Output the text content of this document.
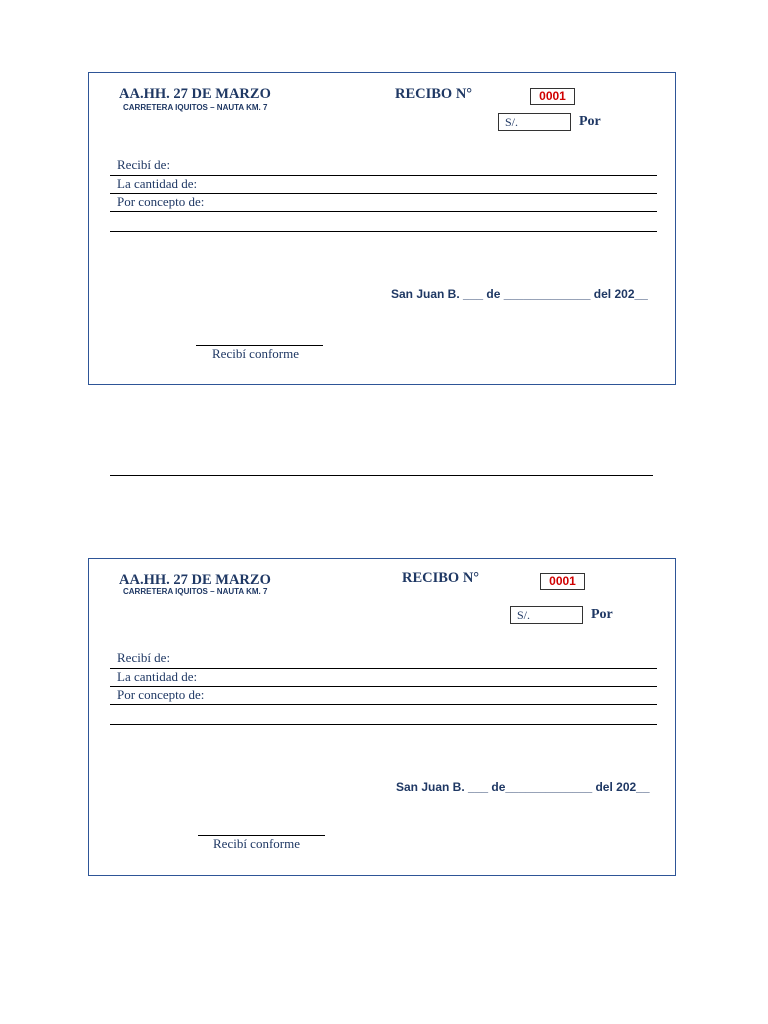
AA.HH. 27 DE MARZO
CARRETERA IQUITOS – NAUTA KM. 7
RECIBO N°	0001
S/.	Por
Recibí de:
La cantidad de:
Por concepto de:
San Juan B. ___ de _____________ del 202__
Recibí conforme
AA.HH. 27 DE MARZO
CARRETERA IQUITOS – NAUTA KM. 7
RECIBO N°	0001
S/.	Por
Recibí de:
La cantidad de:
Por concepto de:
San Juan B. ___ de_____________ del 202__
Recibí conforme
